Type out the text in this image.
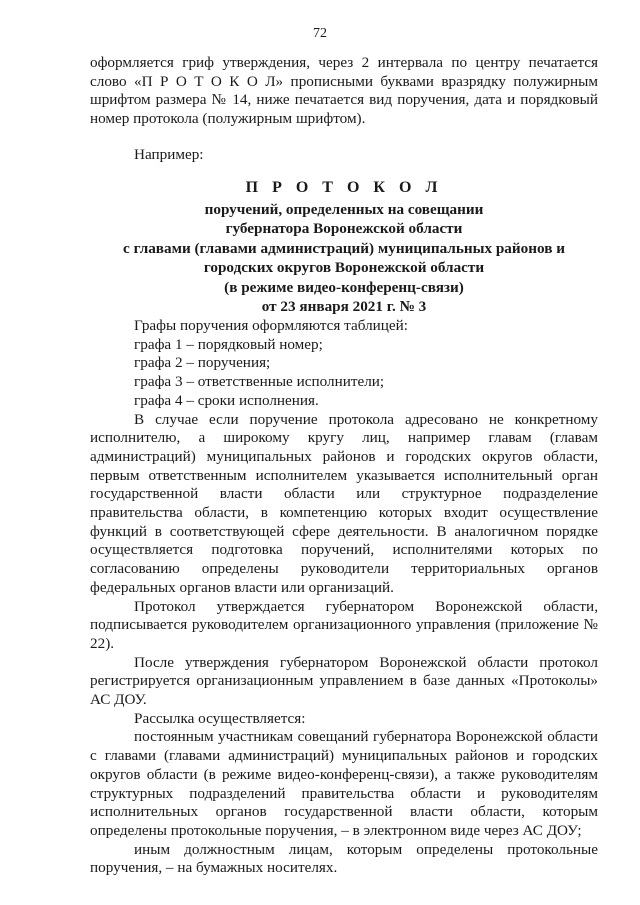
72

оформляется гриф утверждения, через 2 интервала по центру печатается слово «П Р О Т О К О Л» прописными буквами вразрядку полужирным шрифтом размера № 14, ниже печатается вид поручения, дата и порядковый номер протокола (полужирным шрифтом).

Например:

П Р О Т О К О Л
поручений, определенных на совещании
губернатора Воронежской области
с главами (главами администраций) муниципальных районов и
городских округов Воронежской области
(в режиме видео-конференц-связи)
от 23 января 2021 г. № 3

Графы поручения оформляются таблицей:

графа 1 – порядковый номер;

графа 2 – поручения;

графа 3 – ответственные исполнители;

графа 4 – сроки исполнения.

В случае если поручение протокола адресовано не конкретному исполнителю, а широкому кругу лиц, например главам (главам администраций) муниципальных районов и городских округов области, первым ответственным исполнителем указывается исполнительный орган государственной власти области или структурное подразделение правительства области, в компетенцию которых входит осуществление функций в соответствующей сфере деятельности. В аналогичном порядке осуществляется подготовка поручений, исполнителями которых по согласованию определены руководители территориальных органов федеральных органов власти или организаций.

Протокол утверждается губернатором Воронежской области, подписывается руководителем организационного управления (приложение № 22).

После утверждения губернатором Воронежской области протокол регистрируется организационным управлением в базе данных «Протоколы» АС ДОУ.

Рассылка осуществляется:

постоянным участникам совещаний губернатора Воронежской области с главами (главами администраций) муниципальных районов и городских округов области (в режиме видео-конференц-связи), а также руководителям структурных подразделений правительства области и руководителям исполнительных органов государственной власти области, которым определены протокольные поручения, – в электронном виде через АС ДОУ;

иным должностным лицам, которым определены протокольные поручения, – на бумажных носителях.
